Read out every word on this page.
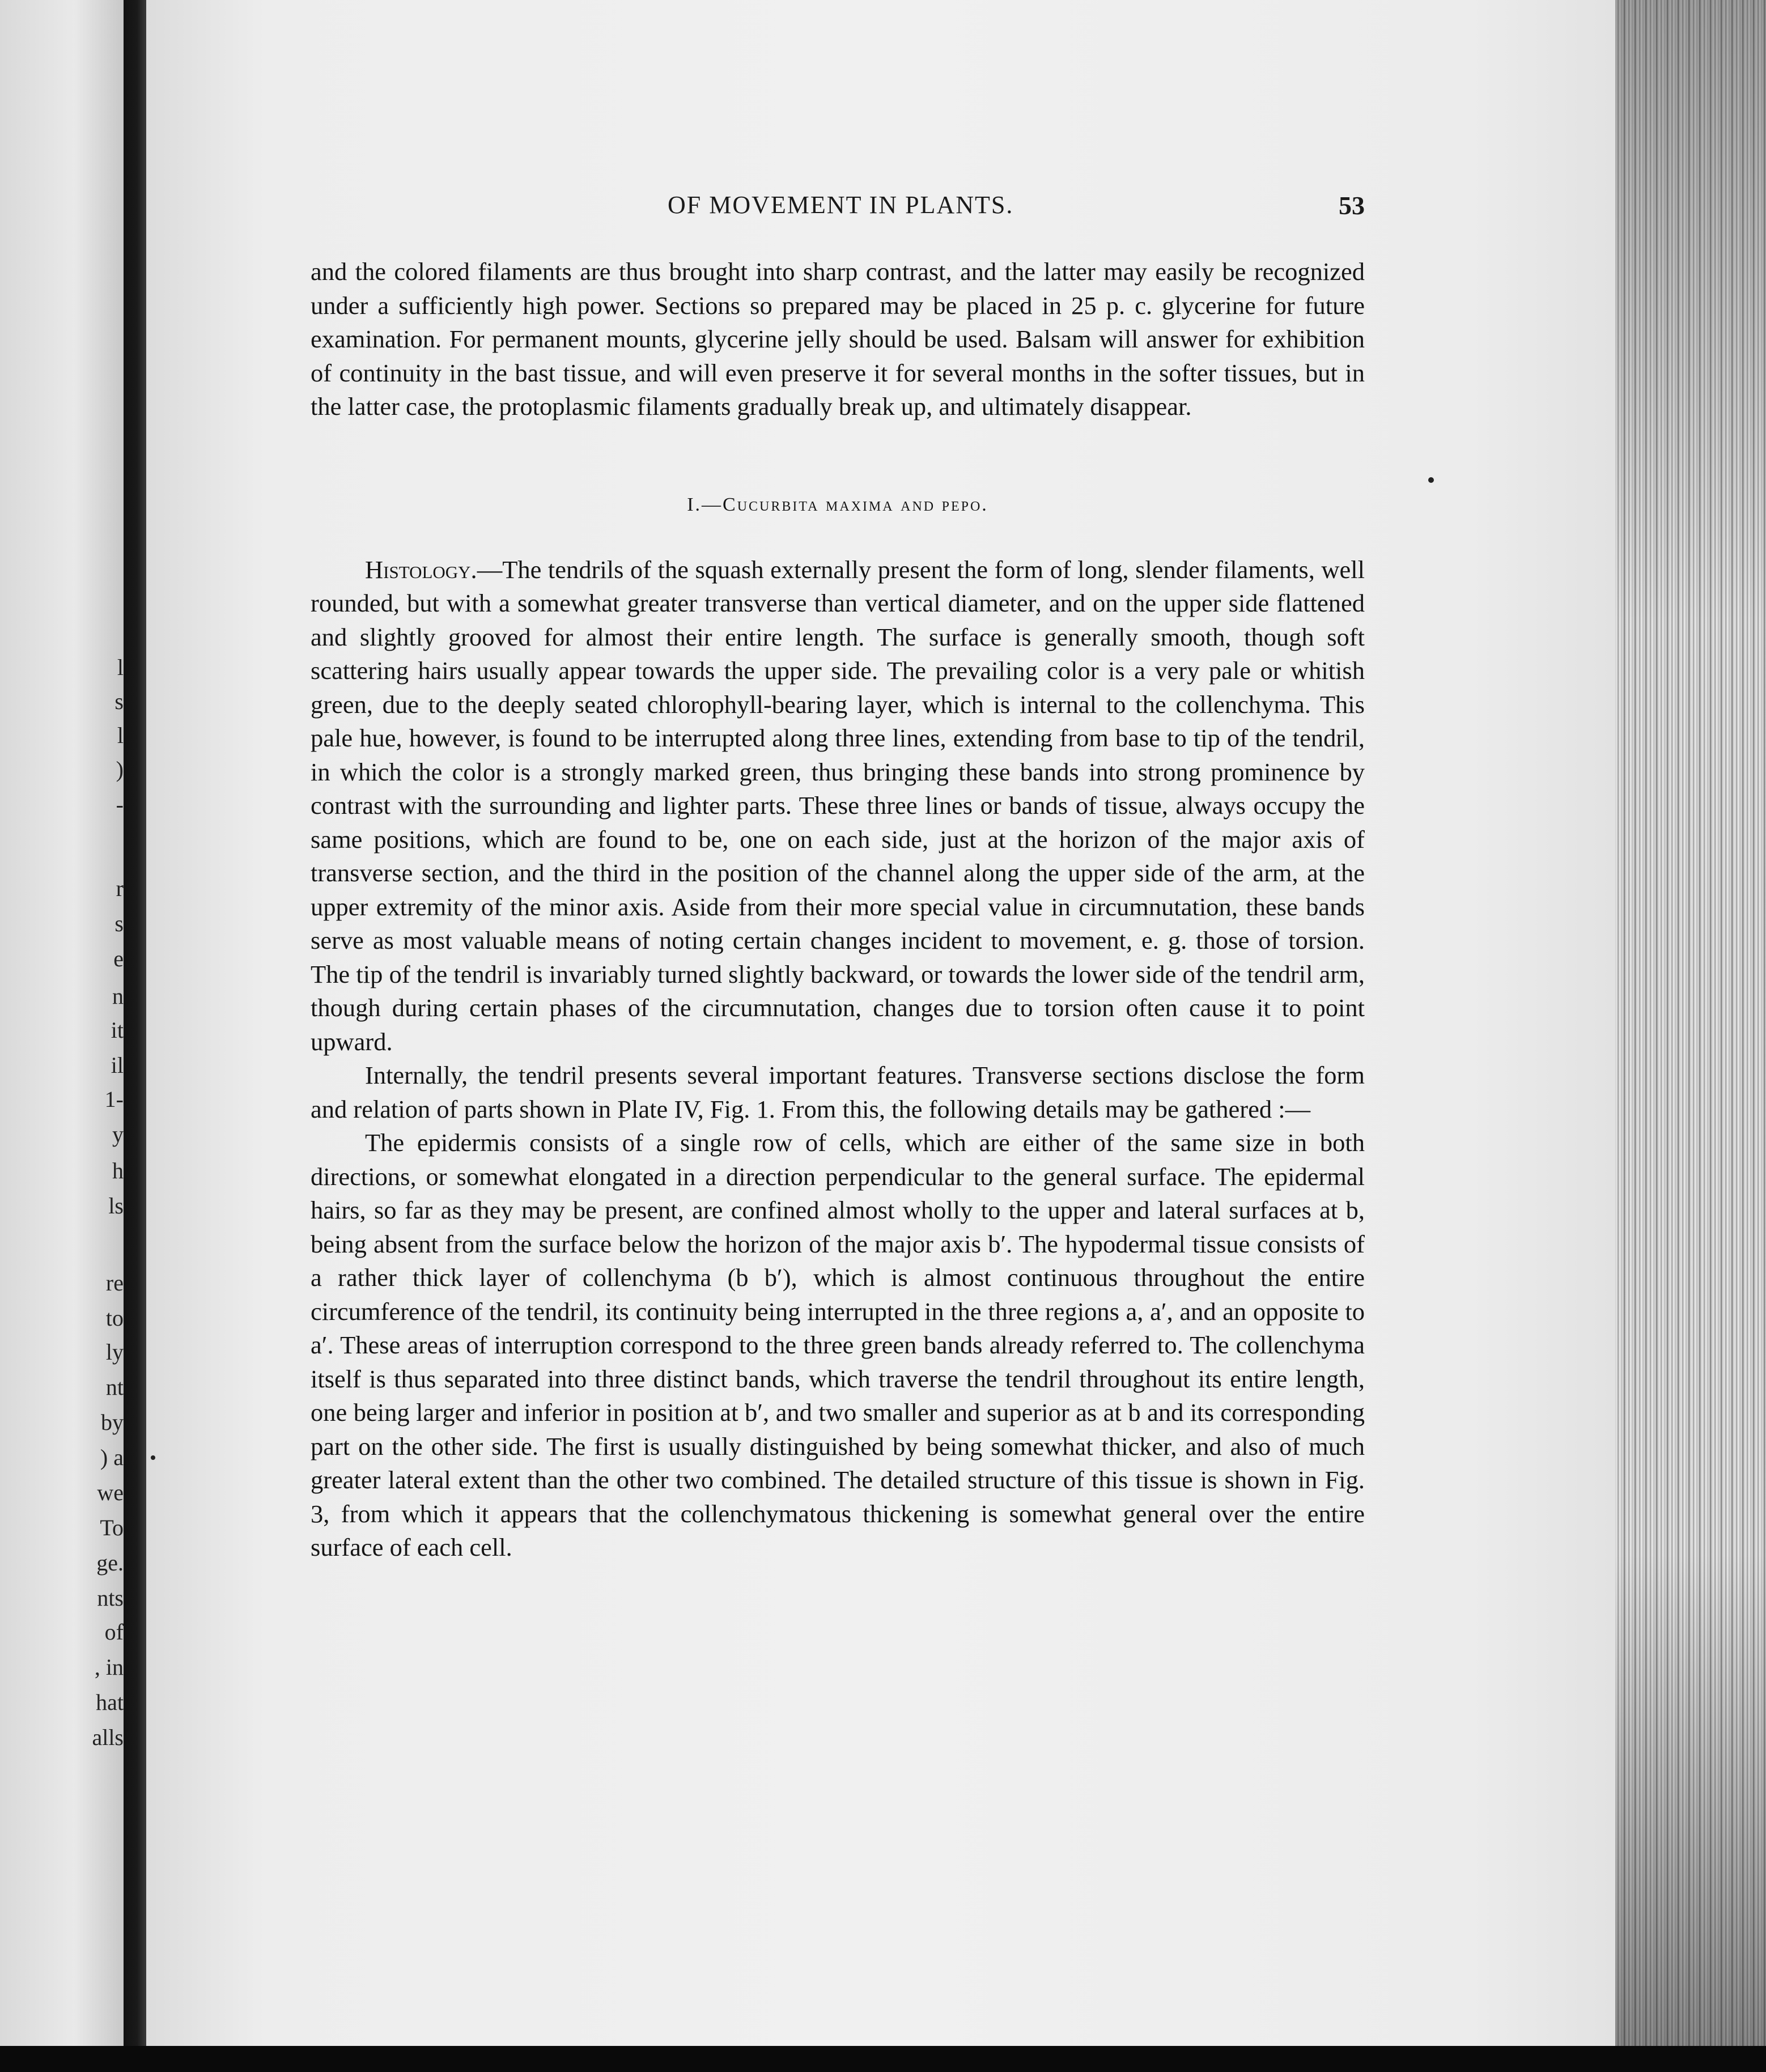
l
s
l
)
-
r
s
e
n
it
il
1-
y
h
ls
re
to
ly
nt
by
) a
we
To
ge.
nts
of
, in
hat
alls
OF MOVEMENT IN PLANTS.	53

and the colored filaments are thus brought into sharp contrast, and the latter may easily be recognized under a sufficiently high power. Sections so prepared may be placed in 25 p. c. glycerine for future examination. For permanent mounts, glycerine jelly should be used. Balsam will answer for exhibition of continuity in the bast tissue, and will even preserve it for several months in the softer tissues, but in the latter case, the protoplasmic filaments gradually break up, and ultimately disappear.

I.—Cucurbita maxima and pepo.

Histology.—The tendrils of the squash externally present the form of long, slender filaments, well rounded, but with a somewhat greater transverse than vertical diameter, and on the upper side flattened and slightly grooved for almost their entire length. The surface is generally smooth, though soft scattering hairs usually appear towards the upper side. The prevailing color is a very pale or whitish green, due to the deeply seated chlorophyll-bearing layer, which is internal to the collenchyma. This pale hue, however, is found to be interrupted along three lines, extending from base to tip of the tendril, in which the color is a strongly marked green, thus bringing these bands into strong prominence by contrast with the surrounding and lighter parts. These three lines or bands of tissue, always occupy the same positions, which are found to be, one on each side, just at the horizon of the major axis of transverse section, and the third in the position of the channel along the upper side of the arm, at the upper extremity of the minor axis. Aside from their more special value in circumnutation, these bands serve as most valuable means of noting certain changes incident to movement, e. g. those of torsion. The tip of the tendril is invariably turned slightly backward, or towards the lower side of the tendril arm, though during certain phases of the circumnutation, changes due to torsion often cause it to point upward.

Internally, the tendril presents several important features. Transverse sections disclose the form and relation of parts shown in Plate IV, Fig. 1. From this, the following details may be gathered :—

The epidermis consists of a single row of cells, which are either of the same size in both directions, or somewhat elongated in a direction perpendicular to the general surface. The epidermal hairs, so far as they may be present, are confined almost wholly to the upper and lateral surfaces at b, being absent from the surface below the horizon of the major axis b′. The hypodermal tissue consists of a rather thick layer of collenchyma (b b′), which is almost continuous throughout the entire circumference of the tendril, its continuity being interrupted in the three regions a, a′, and an opposite to a′. These areas of interruption correspond to the three green bands already referred to. The collenchyma itself is thus separated into three distinct bands, which traverse the tendril throughout its entire length, one being larger and inferior in position at b′, and two smaller and superior as at b and its corresponding part on the other side. The first is usually distinguished by being somewhat thicker, and also of much greater lateral extent than the other two combined. The detailed structure of this tissue is shown in Fig. 3, from which it appears that the collenchymatous thickening is somewhat general over the entire surface of each cell.
